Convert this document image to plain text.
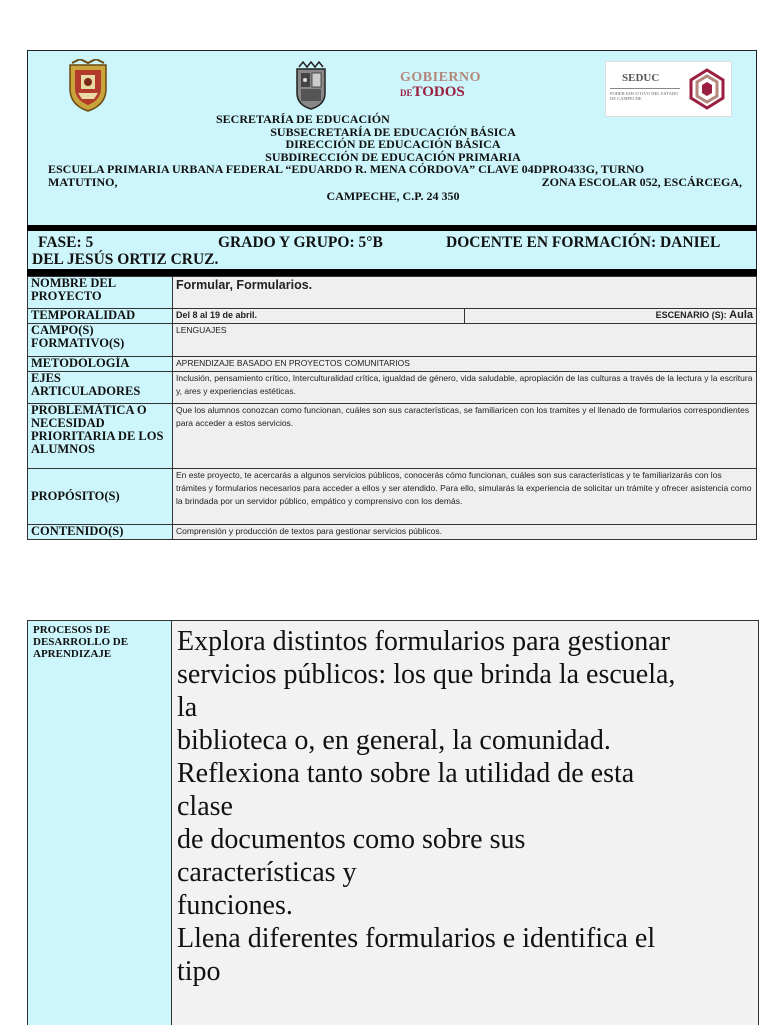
GOBIERNO
DETODOS
SEDUC
PODER EJECUTIVO DEL ESTADO DE CAMPECHE
SECRETARÍA DE EDUCACIÓN
SUBSECRETARÍA DE EDUCACIÓN BÁSICA
DIRECCIÓN DE EDUCACIÓN BÁSICA
SUBDIRECCIÓN DE EDUCACIÓN PRIMARIA
ESCUELA PRIMARIA URBANA FEDERAL “EDUARDO R. MENA CÓRDOVA” CLAVE 04DPRO433G, TURNO
MATUTINO,	ZONA ESCOLAR 052, ESCÁRCEGA,
CAMPECHE, C.P. 24 350
FASE: 5	GRADO Y GRUPO: 5°B	DOCENTE EN FORMACIÓN: DANIEL
DEL JESÚS ORTIZ CRUZ.
NOMBRE DEL PROYECTO	Formular, Formularios.	
TEMPORALIDAD	Del 8 al 19 de abril.	ESCENARIO (S): Aula
CAMPO(S) FORMATIVO(S)	LENGUAJES	
METODOLOGÍA	APRENDIZAJE BASADO EN PROYECTOS COMUNITARIOS	
EJES ARTICULADORES	Inclusión, pensamiento crítico, Interculturalidad crítica, igualdad de género, vida saludable, apropiación de las culturas a través de la lectura y la escritura y, ares y experiencias estéticas.	
PROBLEMÁTICA O NECESIDAD PRIORITARIA DE LOS ALUMNOS	Que los alumnos conozcan como funcionan, cuáles son sus características, se familiaricen con los tramites y el llenado de formularios correspondientes para acceder a estos servicios.	
PROPÓSITO(S)	En este proyecto, te acercarás a algunos servicios públicos, conocerás cómo funcionan, cuáles son sus características y te familiarizarás con los trámites y formularios necesarios para acceder a ellos y ser atendido. Para ello, simularás la experiencia de solicitar un trámite y ofrecer asistencia como la brindada por un servidor público, empático y comprensivo con los demás.	
CONTENIDO(S)	Comprensión y producción de textos para gestionar servicios públicos.	
PROCESOS DE DESARROLLO DE APRENDIZAJE	Explora distintos formularios para gestionar
servicios públicos: los que brinda la escuela,
la
biblioteca o, en general, la comunidad.
Reflexiona tanto sobre la utilidad de esta
clase
de documentos como sobre sus
características y
funciones.
Llena diferentes formularios e identifica el
tipo
